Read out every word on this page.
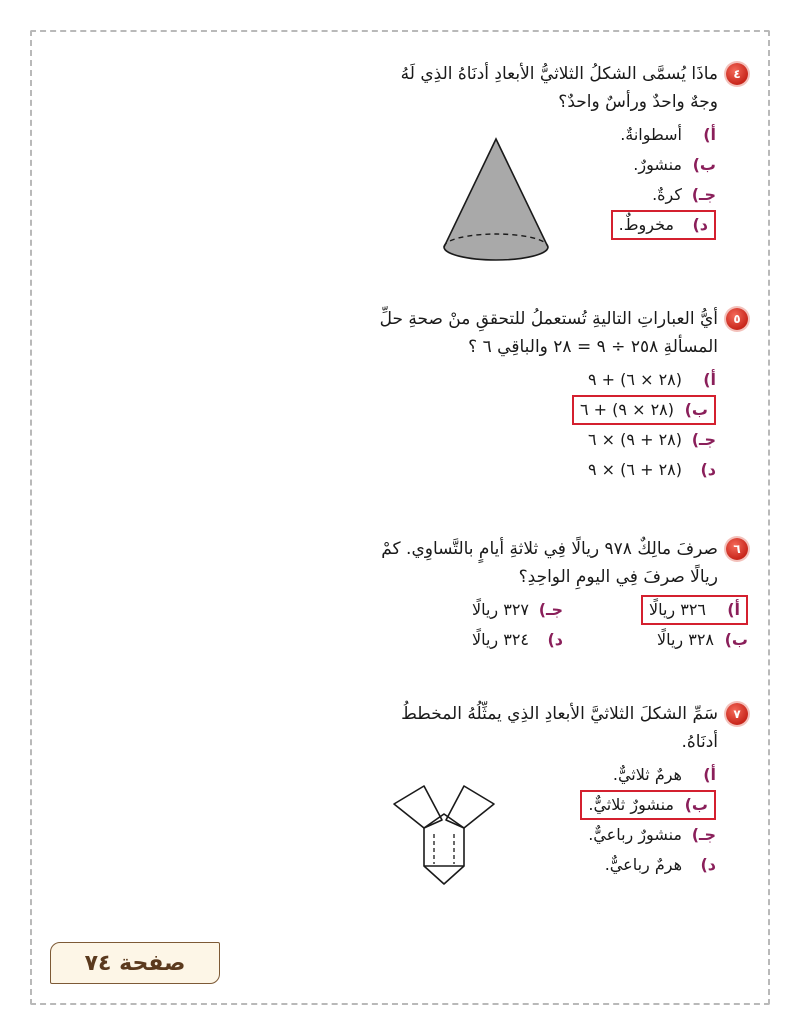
٤
ماذَا يُسمَّى الشكلُ الثلاثيُّ الأبعادِ أدنَاهُ الذِي لَهُ وجهٌ واحدٌ ورأسٌ واحدٌ؟
أ)
أسطوانةٌ.
ب)
منشورٌ.
جـ)
كرةٌ.
د)
مخروطٌ.
٥
أيُّ العباراتِ التاليةِ تُستعملُ للتحققِ منْ صحةِ حلِّ المسألةِ ٢٥٨ ÷ ٩ = ٢٨ والباقِي ٦ ؟
أ)
(٢٨ × ٦) + ٩
ب)
(٢٨ × ٩) + ٦
جـ)
(٢٨ + ٩) × ٦
د)
(٢٨ + ٦) × ٩
٦
صرفَ مالِكٌ ٩٧٨ ريالًا فِي ثلاثةِ أيامٍ بالتَّساوِي. كمْ ريالًا صرفَ فِي اليومِ الواحِدِ؟
أ)
٣٢٦ ريالًا
جـ)
٣٢٧ ريالًا
ب)
٣٢٨ ريالًا
د)
٣٢٤ ريالًا
٧
سَمِّ الشكلَ الثلاثيَّ الأبعادِ الذِي يمثِّلُهُ المخططُ أدنَاهُ.
أ)
هرمٌ ثلاثيٌّ.
ب)
منشورٌ ثلاثيٌّ.
جـ)
منشورٌ رباعيٌّ.
د)
هرمٌ رباعيٌّ.
صفحة ٧٤
